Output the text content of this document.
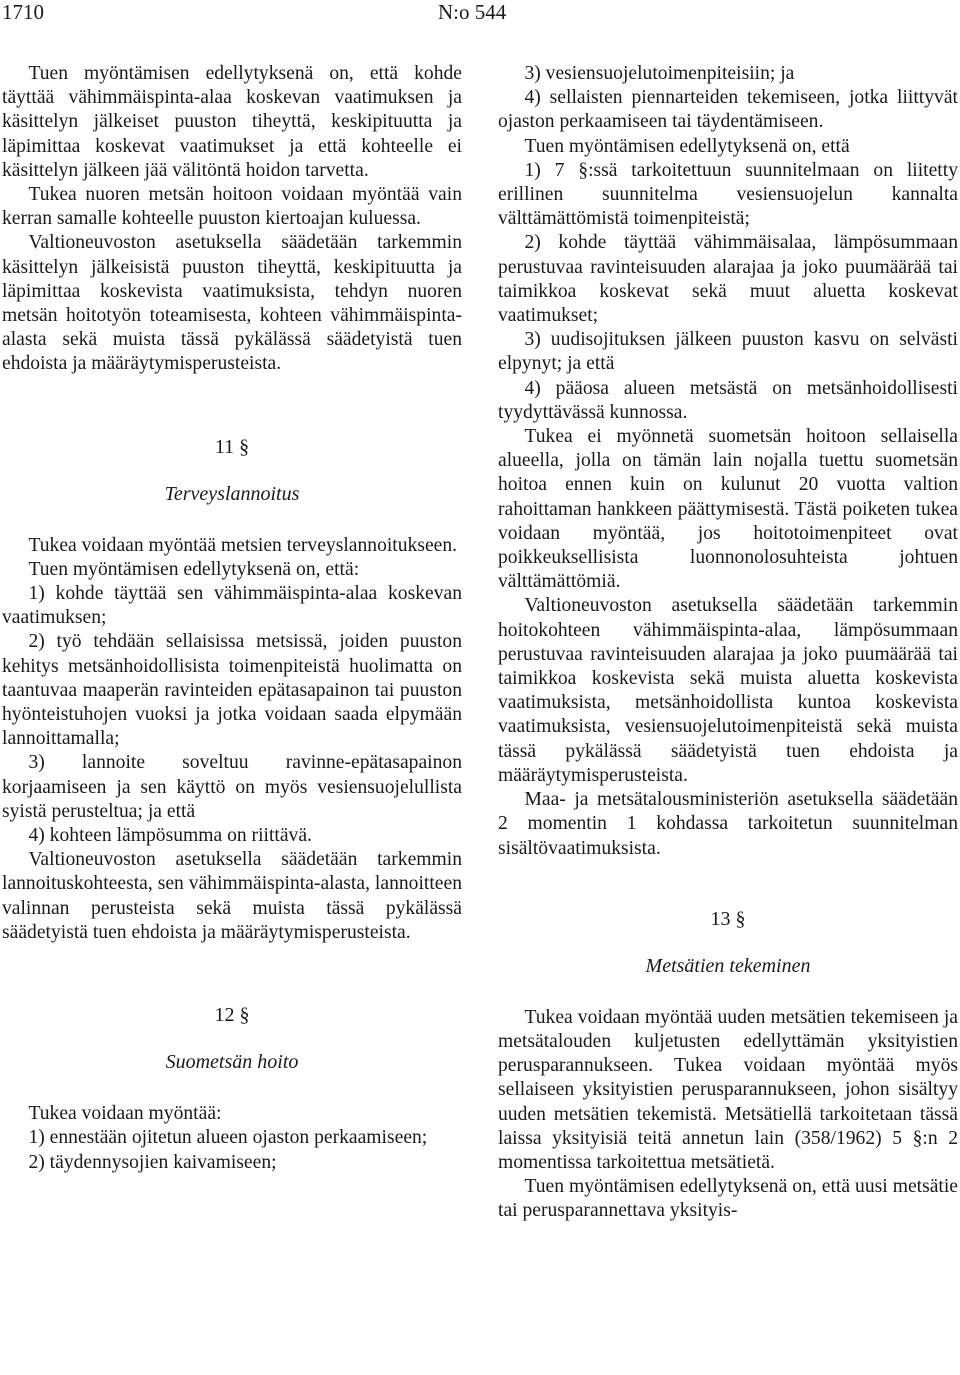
1710	N:o 544

Tuen myöntämisen edellytyksenä on, että kohde täyttää vähimmäispinta-alaa koskevan vaatimuksen ja käsittelyn jälkeiset puuston tiheyttä, keskipituutta ja läpimittaa koskevat vaatimukset ja että kohteelle ei käsittelyn jälkeen jää välitöntä hoidon tarvetta.

Tukea nuoren metsän hoitoon voidaan myöntää vain kerran samalle kohteelle puuston kiertoajan kuluessa.

Valtioneuvoston asetuksella säädetään tarkemmin käsittelyn jälkeisistä puuston tiheyttä, keskipituutta ja läpimittaa koskevista vaatimuksista, tehdyn nuoren metsän hoitotyön toteamisesta, kohteen vähimmäispinta-alasta sekä muista tässä pykälässä säädetyistä tuen ehdoista ja määräytymisperusteista.

11 §
Terveyslannoitus

Tukea voidaan myöntää metsien terveyslannoitukseen.

Tuen myöntämisen edellytyksenä on, että:

1) kohde täyttää sen vähimmäispinta-alaa koskevan vaatimuksen;

2) työ tehdään sellaisissa metsissä, joiden puuston kehitys metsänhoidollisista toimenpiteistä huolimatta on taantuvaa maaperän ravinteiden epätasapainon tai puuston hyönteistuhojen vuoksi ja jotka voidaan saada elpymään lannoittamalla;

3) lannoite soveltuu ravinne-epätasapainon korjaamiseen ja sen käyttö on myös vesiensuojelullista syistä perusteltua; ja että

4) kohteen lämpösumma on riittävä.

Valtioneuvoston asetuksella säädetään tarkemmin lannoituskohteesta, sen vähimmäispinta-alasta, lannoitteen valinnan perusteista sekä muista tässä pykälässä säädetyistä tuen ehdoista ja määräytymisperusteista.

12 §
Suometsän hoito

Tukea voidaan myöntää:

1) ennestään ojitetun alueen ojaston perkaamiseen;

2) täydennysojien kaivamiseen;

3) vesiensuojelutoimenpiteisiin; ja

4) sellaisten piennarteiden tekemiseen, jotka liittyvät ojaston perkaamiseen tai täydentämiseen.

Tuen myöntämisen edellytyksenä on, että

1) 7 §:ssä tarkoitettuun suunnitelmaan on liitetty erillinen suunnitelma vesiensuojelun kannalta välttämättömistä toimenpiteistä;

2) kohde täyttää vähimmäisalaa, lämpösummaan perustuvaa ravinteisuuden alarajaa ja joko puumäärää tai taimikkoa koskevat sekä muut aluetta koskevat vaatimukset;

3) uudisojituksen jälkeen puuston kasvu on selvästi elpynyt; ja että

4) pääosa alueen metsästä on metsänhoidollisesti tyydyttävässä kunnossa.

Tukea ei myönnetä suometsän hoitoon sellaisella alueella, jolla on tämän lain nojalla tuettu suometsän hoitoa ennen kuin on kulunut 20 vuotta valtion rahoittaman hankkeen päättymisestä. Tästä poiketen tukea voidaan myöntää, jos hoitotoimenpiteet ovat poikkeuksellisista luonnonolosuhteista johtuen välttämättömiä.

Valtioneuvoston asetuksella säädetään tarkemmin hoitokohteen vähimmäispinta-alaa, lämpösummaan perustuvaa ravinteisuuden alarajaa ja joko puumäärää tai taimikkoa koskevista sekä muista aluetta koskevista vaatimuksista, metsänhoidollista kuntoa koskevista vaatimuksista, vesiensuojelutoimenpiteistä sekä muista tässä pykälässä säädetyistä tuen ehdoista ja määräytymisperusteista.

Maa- ja metsätalousministeriön asetuksella säädetään 2 momentin 1 kohdassa tarkoitetun suunnitelman sisältövaatimuksista.

13 §
Metsätien tekeminen

Tukea voidaan myöntää uuden metsätien tekemiseen ja metsätalouden kuljetusten edellyttämän yksityistien perusparannukseen. Tukea voidaan myöntää myös sellaiseen yksityistien perusparannukseen, johon sisältyy uuden metsätien tekemistä. Metsätiellä tarkoitetaan tässä laissa yksityisiä teitä annetun lain (358/1962) 5 §:n 2 momentissa tarkoitettua metsätietä.

Tuen myöntämisen edellytyksenä on, että uusi metsätie tai perusparannettava yksityis-
